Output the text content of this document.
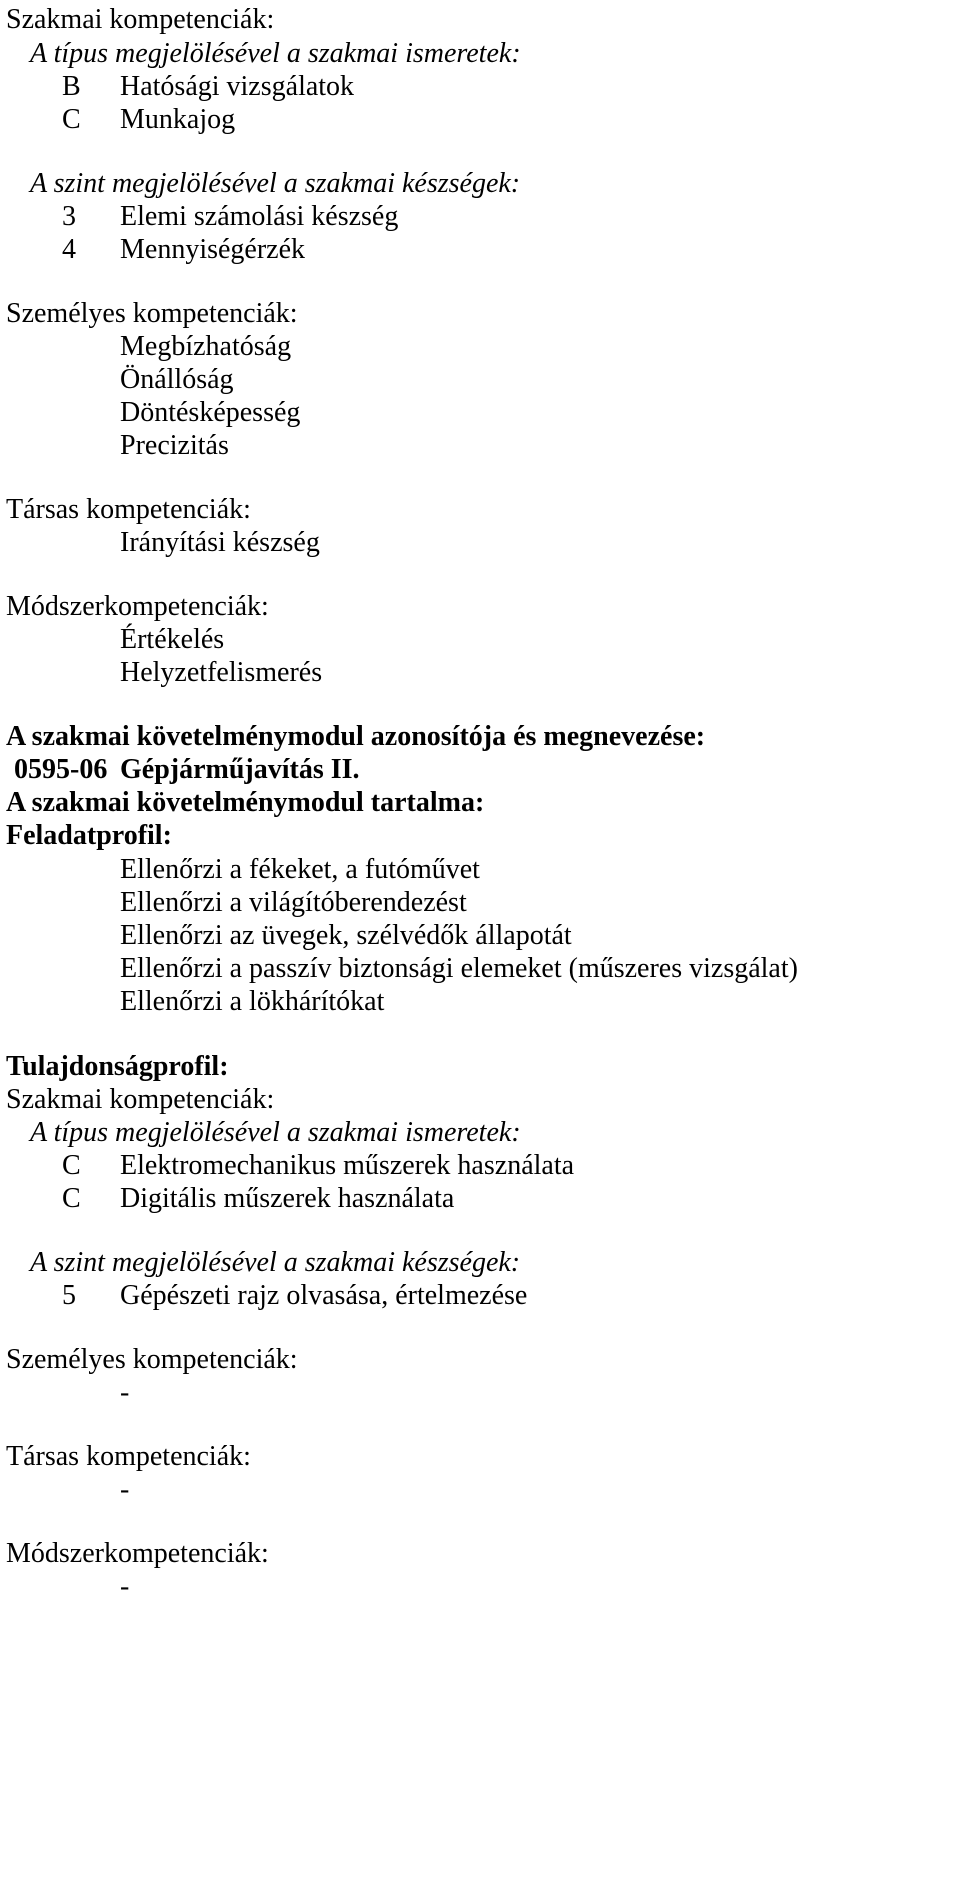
Szakmai kompetenciák:
A típus megjelölésével a szakmai ismeretek:
B Hatósági vizsgálatok
C Munkajog
A szint megjelölésével a szakmai készségek:
3 Elemi számolási készség
4 Mennyiségérzék
Személyes kompetenciák:
Megbízhatóság
Önállóság
Döntésképesség
Precizitás
Társas kompetenciák:
Irányítási készség
Módszerkompetenciák:
Értékelés
Helyzetfelismerés
A szakmai követelménymodul azonosítója és megnevezése:
0595-06 Gépjárműjavítás II.
A szakmai követelménymodul tartalma:
Feladatprofil:
Ellenőrzi a fékeket, a futóművet
Ellenőrzi a világítóberendezést
Ellenőrzi az üvegek, szélvédők állapotát
Ellenőrzi a passzív biztonsági elemeket (műszeres vizsgálat)
Ellenőrzi a lökhárítókat
Tulajdonságprofil:
Szakmai kompetenciák:
A típus megjelölésével a szakmai ismeretek:
C Elektromechanikus műszerek használata
C Digitális műszerek használata
A szint megjelölésével a szakmai készségek:
5 Gépészeti rajz olvasása, értelmezése
Személyes kompetenciák:
-
Társas kompetenciák:
-
Módszerkompetenciák:
-
